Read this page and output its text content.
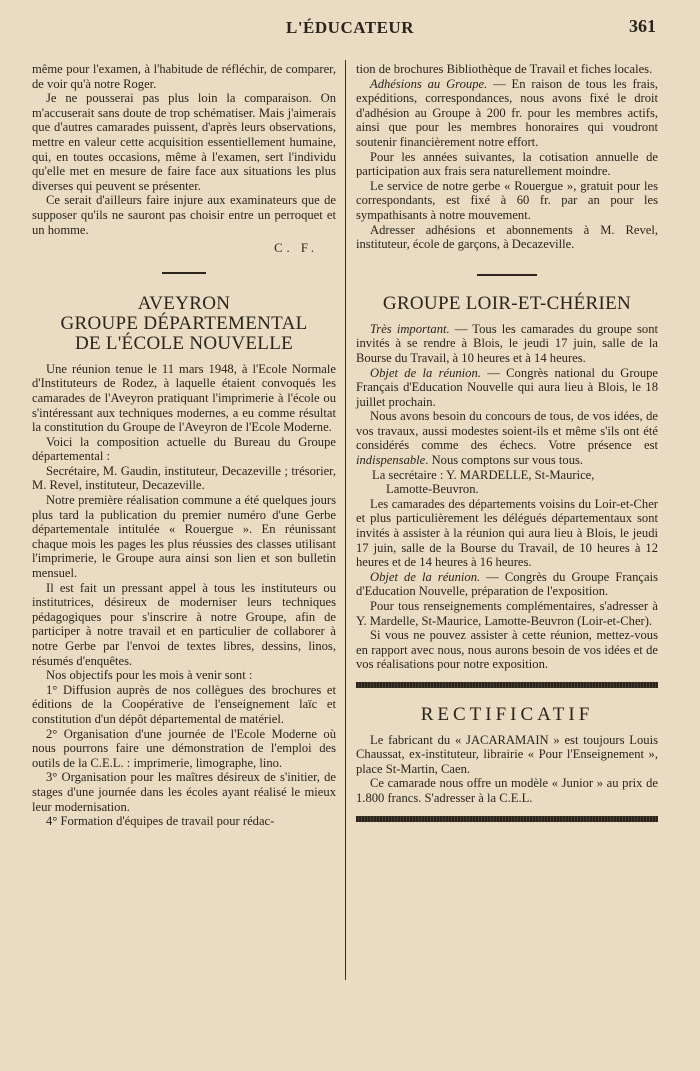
L'ÉDUCATEUR	361

même pour l'examen, à l'habitude de réfléchir, de comparer, de voir qu'à notre Roger.

Je ne pousserai pas plus loin la comparaison. On m'accuserait sans doute de trop schématiser. Mais j'aimerais que d'autres camarades puissent, d'après leurs observations, mettre en valeur cette acquisition essentiellement humaine, qui, en toutes occasions, même à l'examen, sert l'individu qu'elle met en mesure de faire face aux situations les plus diverses qui peuvent se présenter.

Ce serait d'ailleurs faire injure aux examinateurs que de supposer qu'ils ne sauront pas choisir entre un perroquet et un homme.

C. F.
AVEYRON
GROUPE DÉPARTEMENTAL
DE L'ÉCOLE NOUVELLE

Une réunion tenue le 11 mars 1948, à l'Ecole Normale d'Instituteurs de Rodez, à laquelle étaient convoqués les camarades de l'Aveyron pratiquant l'imprimerie à l'école ou s'intéressant aux techniques modernes, a eu comme résultat la constitution du Groupe de l'Aveyron de l'Ecole Moderne.

Voici la composition actuelle du Bureau du Groupe départemental :

Secrétaire, M. Gaudin, instituteur, Decazeville ; trésorier, M. Revel, instituteur, Decazeville.

Notre première réalisation commune a été quelques jours plus tard la publication du premier numéro d'une Gerbe départementale intitulée « Rouergue ». En réunissant chaque mois les pages les plus réussies des classes utilisant l'imprimerie, le Groupe aura ainsi son lien et son bulletin mensuel.

Il est fait un pressant appel à tous les instituteurs ou institutrices, désireux de moderniser leurs techniques pédagogiques pour s'inscrire à notre Groupe, afin de participer à notre travail et en particulier de collaborer à notre Gerbe par l'envoi de textes libres, dessins, linos, résumés d'enquêtes.

Nos objectifs pour les mois à venir sont :

1° Diffusion auprès de nos collègues des brochures et éditions de la Coopérative de l'enseignement laïc et constitution d'un dépôt départemental de matériel.

2° Organisation d'une journée de l'Ecole Moderne où nous pourrons faire une démonstration de l'emploi des outils de la C.E.L. : imprimerie, limographe, lino.

3° Organisation pour les maîtres désireux de s'initier, de stages d'une journée dans les écoles ayant réalisé le mieux leur modernisation.

4° Formation d'équipes de travail pour rédac-

tion de brochures Bibliothèque de Travail et fiches locales.

Adhésions au Groupe. — En raison de tous les frais, expéditions, correspondances, nous avons fixé le droit d'adhésion au Groupe à 200 fr. pour les membres actifs, ainsi que pour les membres honoraires qui voudront soutenir financièrement notre effort.

Pour les années suivantes, la cotisation annuelle de participation aux frais sera naturellement moindre.

Le service de notre gerbe « Rouergue », gratuit pour les correspondants, est fixé à 60 fr. par an pour les sympathisants à notre mouvement.

Adresser adhésions et abonnements à M. Revel, instituteur, école de garçons, à Decazeville.

GROUPE LOIR-ET-CHÉRIEN

Très important. — Tous les camarades du groupe sont invités à se rendre à Blois, le jeudi 17 juin, salle de la Bourse du Travail, à 10 heures et à 14 heures.

Objet de la réunion. — Congrès national du Groupe Français d'Education Nouvelle qui aura lieu à Blois, le 18 juillet prochain.

Nous avons besoin du concours de tous, de vos idées, de vos travaux, aussi modestes soient-ils et même s'ils ont été considérés comme des échecs. Votre présence est indispensable. Nous comptons sur vous tous.

La secrétaire : Y. MARDELLE, St-Maurice,

Lamotte-Beuvron.

Les camarades des départements voisins du Loir-et-Cher et plus particulièrement les délégués départementaux sont invités à assister à la réunion qui aura lieu à Blois, le jeudi 17 juin, salle de la Bourse du Travail, de 10 heures à 12 heures et de 14 heures à 16 heures.

Objet de la réunion. — Congrès du Groupe Français d'Education Nouvelle, préparation de l'exposition.

Pour tous renseignements complémentaires, s'adresser à Y. Mardelle, St-Maurice, Lamotte-Beuvron (Loir-et-Cher).

Si vous ne pouvez assister à cette réunion, mettez-vous en rapport avec nous, nous aurons besoin de vos idées et de vos réalisations pour notre exposition.

RECTIFICATIF

Le fabricant du « JACARAMAIN » est toujours Louis Chaussat, ex-instituteur, librairie « Pour l'Enseignement », place St-Martin, Caen.

Ce camarade nous offre un modèle « Junior » au prix de 1.800 francs. S'adresser à la C.E.L.
